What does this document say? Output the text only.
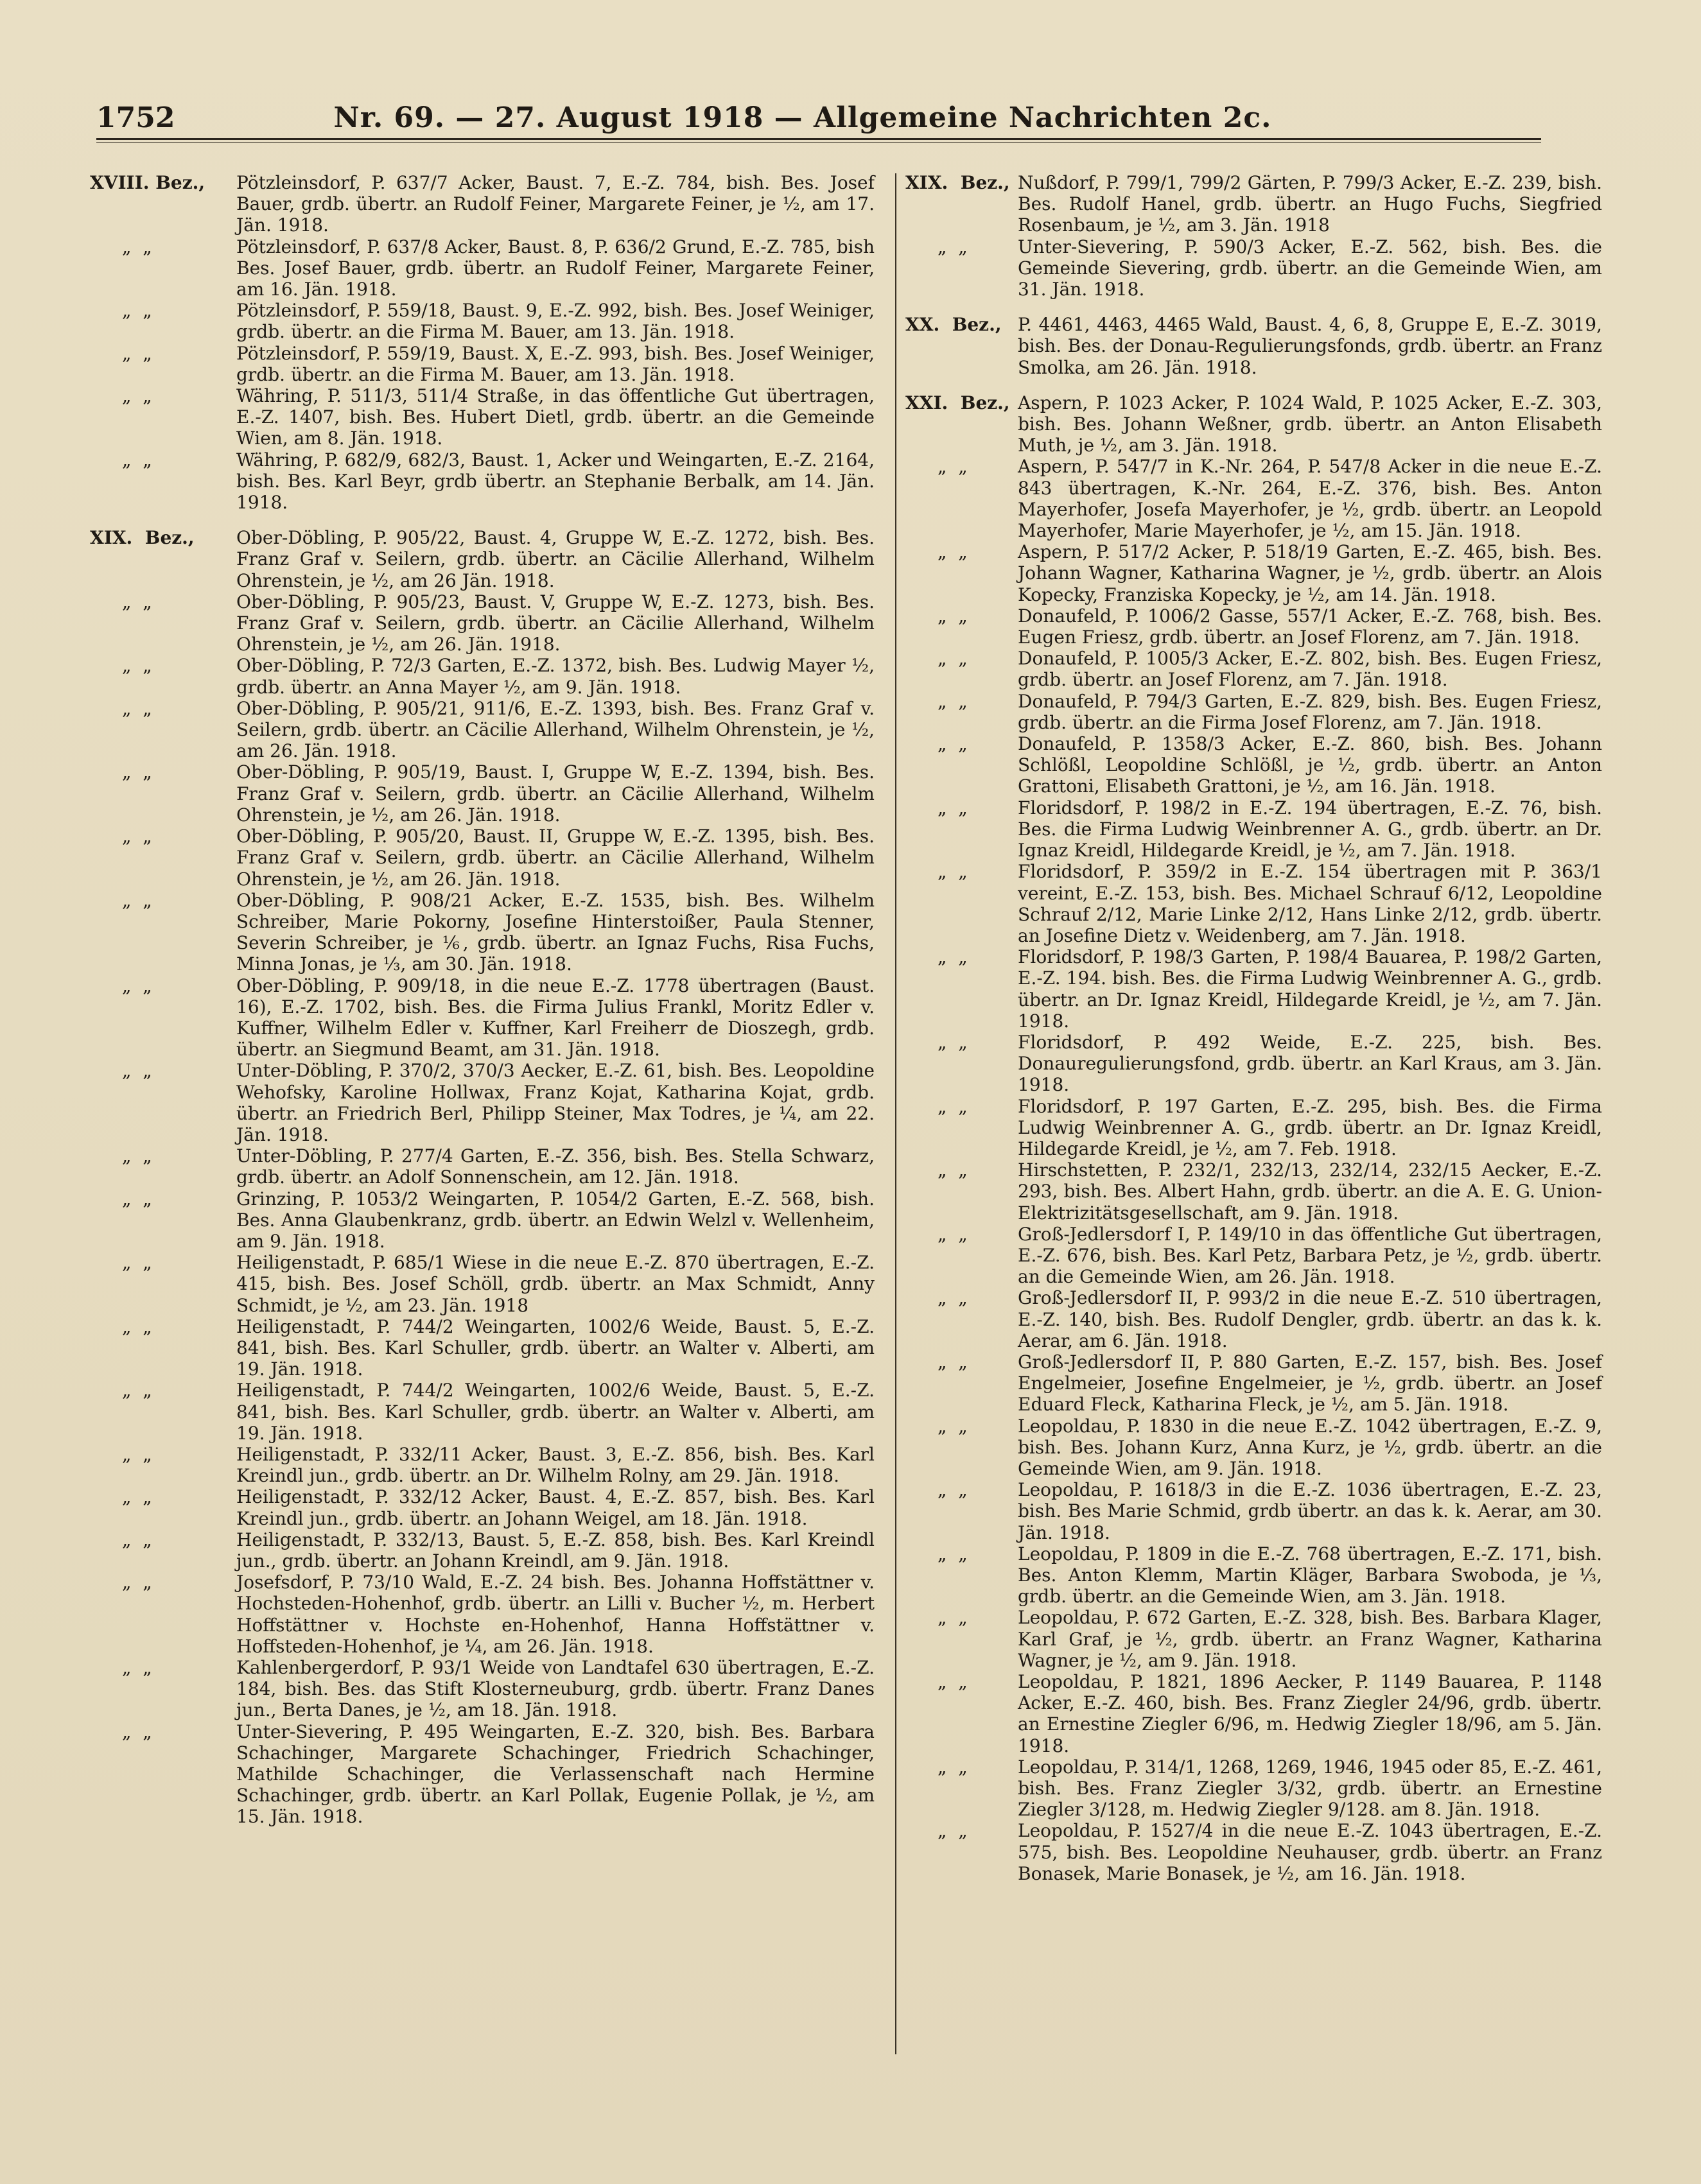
1752	Nr. 69. — 27. August 1918 — Allgemeine Nachrichten 2c.
XVIII. Bez.,	Pötzleinsdorf, P. 637/7 Acker, Baust. 7, E.-Z. 784, bish. Bes. Josef Bauer, grdb. übertr. an Rudolf Feiner, Margarete Feiner, je ½, am 17. Jän. 1918.
„  „	Pötzleinsdorf, P. 637/8 Acker, Baust. 8, P. 636/2 Grund, E.-Z. 785, bish Bes. Josef Bauer, grdb. übertr. an Rudolf Feiner, Margarete Feiner, am 16. Jän. 1918.
„  „	Pötzleinsdorf, P. 559/18, Baust. 9, E.-Z. 992, bish. Bes. Josef Weiniger, grdb. übertr. an die Firma M. Bauer, am 13. Jän. 1918.
„  „	Pötzleinsdorf, P. 559/19, Baust. X, E.-Z. 993, bish. Bes. Josef Weiniger, grdb. übertr. an die Firma M. Bauer, am 13. Jän. 1918.
„  „	Währing, P. 511/3, 511/4 Straße, in das öffentliche Gut übertragen, E.-Z. 1407, bish. Bes. Hubert Dietl, grdb. übertr. an die Gemeinde Wien, am 8. Jän. 1918.
„  „	Währing, P. 682/9, 682/3, Baust. 1, Acker und Weingarten, E.-Z. 2164, bish. Bes. Karl Beyr, grdb übertr. an Stephanie Berbalk, am 14. Jän. 1918.
XIX.  Bez.,	Ober-Döbling, P. 905/22, Baust. 4, Gruppe W, E.-Z. 1272, bish. Bes. Franz Graf v. Seilern, grdb. übertr. an Cäcilie Allerhand, Wilhelm Ohrenstein, je ½, am 26 Jän. 1918.
„  „	Ober-Döbling, P. 905/23, Baust. V, Gruppe W, E.-Z. 1273, bish. Bes. Franz Graf v. Seilern, grdb. übertr. an Cäcilie Allerhand, Wilhelm Ohrenstein, je ½, am 26. Jän. 1918.
„  „	Ober-Döbling, P. 72/3 Garten, E.-Z. 1372, bish. Bes. Ludwig Mayer ½, grdb. übertr. an Anna Mayer ½, am 9. Jän. 1918.
„  „	Ober-Döbling, P. 905/21, 911/6, E.-Z. 1393, bish. Bes. Franz Graf v. Seilern, grdb. übertr. an Cäcilie Allerhand, Wilhelm Ohrenstein, je ½, am 26. Jän. 1918.
„  „	Ober-Döbling, P. 905/19, Baust. I, Gruppe W, E.-Z. 1394, bish. Bes. Franz Graf v. Seilern, grdb. übertr. an Cäcilie Allerhand, Wilhelm Ohrenstein, je ½, am 26. Jän. 1918.
„  „	Ober-Döbling, P. 905/20, Baust. II, Gruppe W, E.-Z. 1395, bish. Bes. Franz Graf v. Seilern, grdb. übertr. an Cäcilie Allerhand, Wilhelm Ohrenstein, je ½, am 26. Jän. 1918.
„  „	Ober-Döbling, P. 908/21 Acker, E.-Z. 1535, bish. Bes. Wilhelm Schreiber, Marie Pokorny, Josefine Hinterstoißer, Paula Stenner, Severin Schreiber, je ⅙, grdb. übertr. an Ignaz Fuchs, Risa Fuchs, Minna Jonas, je ⅓, am 30. Jän. 1918.
„  „	Ober-Döbling, P. 909/18, in die neue E.-Z. 1778 übertragen (Baust. 16), E.-Z. 1702, bish. Bes. die Firma Julius Frankl, Moritz Edler v. Kuffner, Wilhelm Edler v. Kuffner, Karl Freiherr de Dioszegh, grdb. übertr. an Siegmund Beamt, am 31. Jän. 1918.
„  „	Unter-Döbling, P. 370/2, 370/3 Aecker, E.-Z. 61, bish. Bes. Leopoldine Wehofsky, Karoline Hollwax, Franz Kojat, Katharina Kojat, grdb. übertr. an Friedrich Berl, Philipp Steiner, Max Todres, je ¼, am 22. Jän. 1918.
„  „	Unter-Döbling, P. 277/4 Garten, E.-Z. 356, bish. Bes. Stella Schwarz, grdb. übertr. an Adolf Sonnenschein, am 12. Jän. 1918.
„  „	Grinzing, P. 1053/2 Weingarten, P. 1054/2 Garten, E.-Z. 568, bish. Bes. Anna Glaubenkranz, grdb. übertr. an Edwin Welzl v. Wellenheim, am 9. Jän. 1918.
„  „	Heiligenstadt, P. 685/1 Wiese in die neue E.-Z. 870 übertragen, E.-Z. 415, bish. Bes. Josef Schöll, grdb. übertr. an Max Schmidt, Anny Schmidt, je ½, am 23. Jän. 1918
„  „	Heiligenstadt, P. 744/2 Weingarten, 1002/6 Weide, Baust. 5, E.-Z. 841, bish. Bes. Karl Schuller, grdb. übertr. an Walter v. Alberti, am 19. Jän. 1918.
„  „	Heiligenstadt, P. 744/2 Weingarten, 1002/6 Weide, Baust. 5, E.-Z. 841, bish. Bes. Karl Schuller, grdb. übertr. an Walter v. Alberti, am 19. Jän. 1918.
„  „	Heiligenstadt, P. 332/11 Acker, Baust. 3, E.-Z. 856, bish. Bes. Karl Kreindl jun., grdb. übertr. an Dr. Wilhelm Rolny, am 29. Jän. 1918.
„  „	Heiligenstadt, P. 332/12 Acker, Baust. 4, E.-Z. 857, bish. Bes. Karl Kreindl jun., grdb. übertr. an Johann Weigel, am 18. Jän. 1918.
„  „	Heiligenstadt, P. 332/13, Baust. 5, E.-Z. 858, bish. Bes. Karl Kreindl jun., grdb. übertr. an Johann Kreindl, am 9. Jän. 1918.
„  „	Josefsdorf, P. 73/10 Wald, E.-Z. 24 bish. Bes. Johanna Hoffstättner v. Hochsteden-Hohenhof, grdb. übertr. an Lilli v. Bucher ½, m. Herbert Hoffstättner v. Hochste en-Hohenhof, Hanna Hoffstättner v. Hoffsteden-Hohenhof, je ¼, am 26. Jän. 1918.
„  „	Kahlenbergerdorf, P. 93/1 Weide von Landtafel 630 übertragen, E.-Z. 184, bish. Bes. das Stift Klosterneuburg, grdb. übertr. Franz Danes jun., Berta Danes, je ½, am 18. Jän. 1918.
„  „	Unter-Sievering, P. 495 Weingarten, E.-Z. 320, bish. Bes. Barbara Schachinger, Margarete Schachinger, Friedrich Schachinger, Mathilde Schachinger, die Verlassenschaft nach Hermine Schachinger, grdb. übertr. an Karl Pollak, Eugenie Pollak, je ½, am 15. Jän. 1918.
XIX.  Bez., Nußdorf, P. 799/1, 799/2 Gärten, P. 799/3 Acker, E.-Z. 239, bish. Bes. Rudolf Hanel, grdb. übertr. an Hugo Fuchs, Siegfried Rosenbaum, je ½, am 3. Jän. 1918
„  „	Unter-Sievering, P. 590/3 Acker, E.-Z. 562, bish. Bes. die Gemeinde Sievering, grdb. übertr. an die Gemeinde Wien, am 31. Jän. 1918.
XX.  Bez., P. 4461, 4463, 4465 Wald, Baust. 4, 6, 8, Gruppe E, E.-Z. 3019, bish. Bes. der Donau-Regulierungsfonds, grdb. übertr. an Franz Smolka, am 26. Jän. 1918.
XXI.  Bez., Aspern, P. 1023 Acker, P. 1024 Wald, P. 1025 Acker, E.-Z. 303, bish. Bes. Johann Weßner, grdb. übertr. an Anton Elisabeth Muth, je ½, am 3. Jän. 1918.
„  „	Aspern, P. 547/7 in K.-Nr. 264, P. 547/8 Acker in die neue E.-Z. 843 übertragen, K.-Nr. 264, E.-Z. 376, bish. Bes. Anton Mayerhofer, Josefa Mayerhofer, je ½, grdb. übertr. an Leopold Mayerhofer, Marie Mayerhofer, je ½, am 15. Jän. 1918.
„  „	Aspern, P. 517/2 Acker, P. 518/19 Garten, E.-Z. 465, bish. Bes. Johann Wagner, Katharina Wagner, je ½, grdb. übertr. an Alois Kopecky, Franziska Kopecky, je ½, am 14. Jän. 1918.
„  „	Donaufeld, P. 1006/2 Gasse, 557/1 Acker, E.-Z. 768, bish. Bes. Eugen Friesz, grdb. übertr. an Josef Florenz, am 7. Jän. 1918.
„  „	Donaufeld, P. 1005/3 Acker, E.-Z. 802, bish. Bes. Eugen Friesz, grdb. übertr. an Josef Florenz, am 7. Jän. 1918.
„  „	Donaufeld, P. 794/3 Garten, E.-Z. 829, bish. Bes. Eugen Friesz, grdb. übertr. an die Firma Josef Florenz, am 7. Jän. 1918.
„  „	Donaufeld, P. 1358/3 Acker, E.-Z. 860, bish. Bes. Johann Schlößl, Leopoldine Schlößl, je ½, grdb. übertr. an Anton Grattoni, Elisabeth Grattoni, je ½, am 16. Jän. 1918.
„  „	Floridsdorf, P. 198/2 in E.-Z. 194 übertragen, E.-Z. 76, bish. Bes. die Firma Ludwig Weinbrenner A. G., grdb. übertr. an Dr. Ignaz Kreidl, Hildegarde Kreidl, je ½, am 7. Jän. 1918.
„  „	Floridsdorf, P. 359/2 in E.-Z. 154 übertragen mit P. 363/1 vereint, E.-Z. 153, bish. Bes. Michael Schrauf 6/12, Leopoldine Schrauf 2/12, Marie Linke 2/12, Hans Linke 2/12, grdb. übertr. an Josefine Dietz v. Weidenberg, am 7. Jän. 1918.
„  „	Floridsdorf, P. 198/3 Garten, P. 198/4 Bauarea, P. 198/2 Garten, E.-Z. 194. bish. Bes. die Firma Ludwig Weinbrenner A. G., grdb. übertr. an Dr. Ignaz Kreidl, Hildegarde Kreidl, je ½, am 7. Jän. 1918.
„  „	Floridsdorf, P. 492 Weide, E.-Z. 225, bish. Bes. Donauregulierungsfond, grdb. übertr. an Karl Kraus, am 3. Jän. 1918.
„  „	Floridsdorf, P. 197 Garten, E.-Z. 295, bish. Bes. die Firma Ludwig Weinbrenner A. G., grdb. übertr. an Dr. Ignaz Kreidl, Hildegarde Kreidl, je ½, am 7. Feb. 1918.
„  „	Hirschstetten, P. 232/1, 232/13, 232/14, 232/15 Aecker, E.-Z. 293, bish. Bes. Albert Hahn, grdb. übertr. an die A. E. G. Union-Elektrizitätsgesellschaft, am 9. Jän. 1918.
„  „	Groß-Jedlersdorf I, P. 149/10 in das öffentliche Gut übertragen, E.-Z. 676, bish. Bes. Karl Petz, Barbara Petz, je ½, grdb. übertr. an die Gemeinde Wien, am 26. Jän. 1918.
„  „	Groß-Jedlersdorf II, P. 993/2 in die neue E.-Z. 510 übertragen, E.-Z. 140, bish. Bes. Rudolf Dengler, grdb. übertr. an das k. k. Aerar, am 6. Jän. 1918.
„  „	Groß-Jedlersdorf II, P. 880 Garten, E.-Z. 157, bish. Bes. Josef Engelmeier, Josefine Engelmeier, je ½, grdb. übertr. an Josef Eduard Fleck, Katharina Fleck, je ½, am 5. Jän. 1918.
„  „	Leopoldau, P. 1830 in die neue E.-Z. 1042 übertragen, E.-Z. 9, bish. Bes. Johann Kurz, Anna Kurz, je ½, grdb. übertr. an die Gemeinde Wien, am 9. Jän. 1918.
„  „	Leopoldau, P. 1618/3 in die E.-Z. 1036 übertragen, E.-Z. 23, bish. Bes Marie Schmid, grdb übertr. an das k. k. Aerar, am 30. Jän. 1918.
„  „	Leopoldau, P. 1809 in die E.-Z. 768 übertragen, E.-Z. 171, bish. Bes. Anton Klemm, Martin Kläger, Barbara Swoboda, je ⅓, grdb. übertr. an die Gemeinde Wien, am 3. Jän. 1918.
„  „	Leopoldau, P. 672 Garten, E.-Z. 328, bish. Bes. Barbara Klager, Karl Graf, je ½, grdb. übertr. an Franz Wagner, Katharina Wagner, je ½, am 9. Jän. 1918.
„  „	Leopoldau, P. 1821, 1896 Aecker, P. 1149 Bauarea, P. 1148 Acker, E.-Z. 460, bish. Bes. Franz Ziegler 24/96, grdb. übertr. an Ernestine Ziegler 6/96, m. Hedwig Ziegler 18/96, am 5. Jän. 1918.
„  „	Leopoldau, P. 314/1, 1268, 1269, 1946, 1945 oder 85, E.-Z. 461, bish. Bes. Franz Ziegler 3/32, grdb. übertr. an Ernestine Ziegler 3/128, m. Hedwig Ziegler 9/128. am 8. Jän. 1918.
„  „	Leopoldau, P. 1527/4 in die neue E.-Z. 1043 übertragen, E.-Z. 575, bish. Bes. Leopoldine Neuhauser, grdb. übertr. an Franz Bonasek, Marie Bonasek, je ½, am 16. Jän. 1918.
